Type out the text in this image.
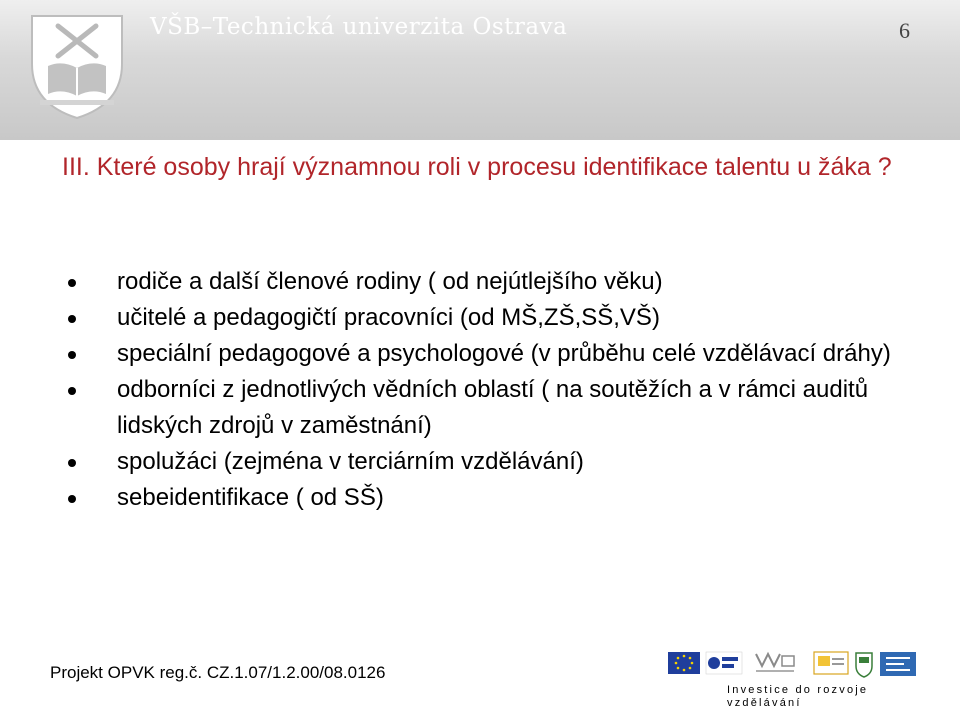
VŠB–Technická univerzita Ostrava	6
III. Které osoby hrají významnou roli v procesu identifikace talentu u žáka ?
rodiče a další členové rodiny ( od nejútlejšího věku)
učitelé a pedagogičtí pracovníci (od MŠ,ZŠ,SŠ,VŠ)
speciální pedagogové a psychologové (v průběhu celé vzdělávací dráhy)
odborníci z jednotlivých vědních oblastí ( na soutěžích a v rámci auditů lidských zdrojů v zaměstnání)
spolužáci (zejména v terciárním vzdělávání)
sebeidentifikace ( od SŠ)
Projekt OPVK reg.č. CZ.1.07/1.2.00/08.0126
Investice do rozvoje vzdělávání
